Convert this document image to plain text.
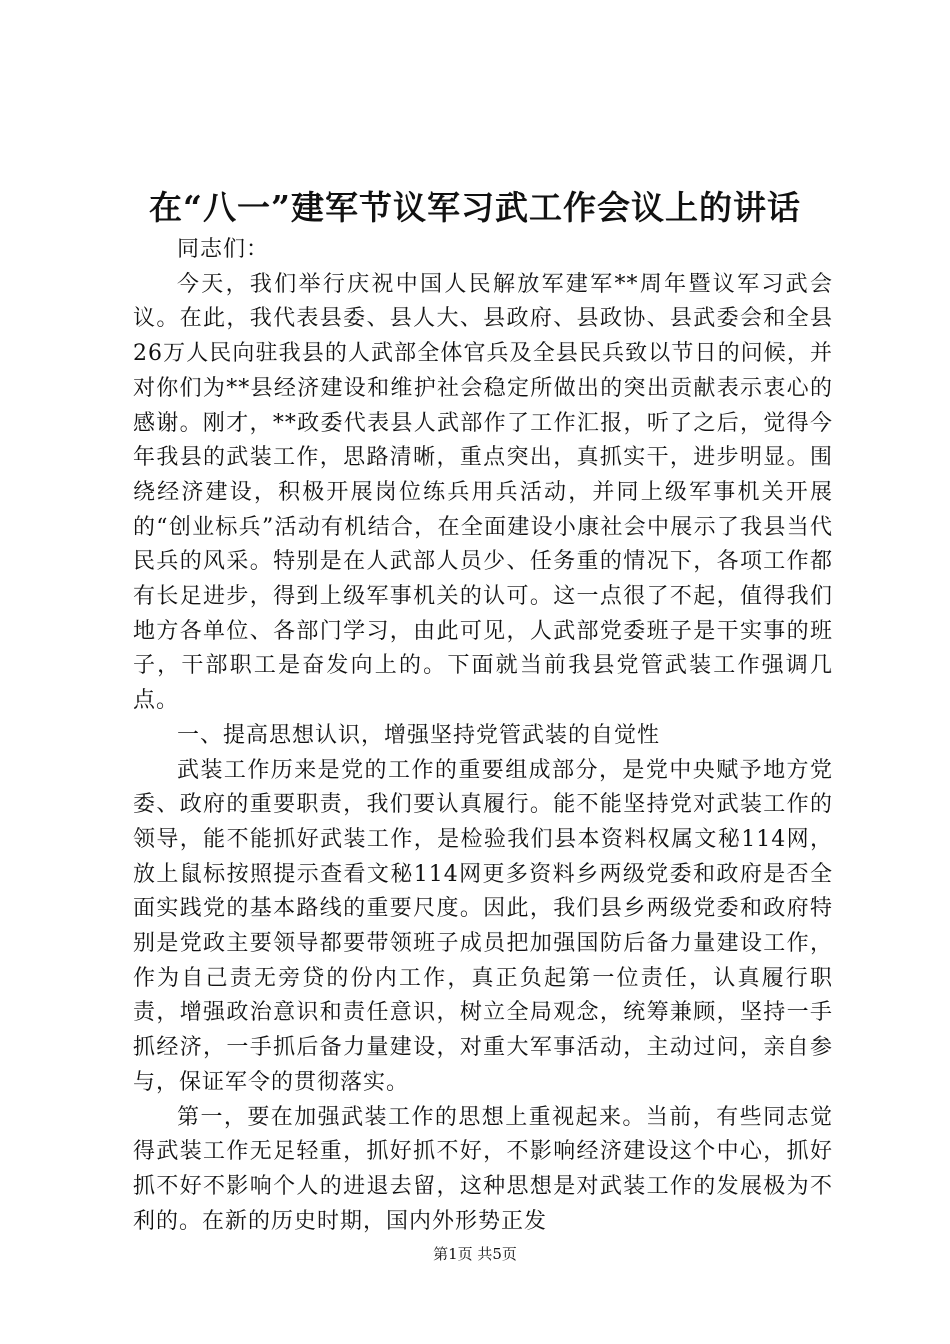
在“八一”建军节议军习武工作会议上的讲话

同志们：

今天，我们举行庆祝中国人民解放军建军**周年暨议军习武会议。在此，我代表县委、县人大、县政府、县政协、县武委会和全县26万人民向驻我县的人武部全体官兵及全县民兵致以节日的问候，并对你们为**县经济建设和维护社会稳定所做出的突出贡献表示衷心的感谢。刚才，**政委代表县人武部作了工作汇报，听了之后，觉得今年我县的武装工作，思路清晰，重点突出，真抓实干，进步明显。围绕经济建设，积极开展岗位练兵用兵活动，并同上级军事机关开展的“创业标兵”活动有机结合，在全面建设小康社会中展示了我县当代民兵的风采。特别是在人武部人员少、任务重的情况下，各项工作都有长足进步，得到上级军事机关的认可。这一点很了不起，值得我们地方各单位、各部门学习，由此可见，人武部党委班子是干实事的班子，干部职工是奋发向上的。下面就当前我县党管武装工作强调几点。

一、提高思想认识，增强坚持党管武装的自觉性

武装工作历来是党的工作的重要组成部分，是党中央赋予地方党委、政府的重要职责，我们要认真履行。能不能坚持党对武装工作的领导，能不能抓好武装工作，是检验我们县本资料权属文秘114网，放上鼠标按照提示查看文秘114网更多资料乡两级党委和政府是否全面实践党的基本路线的重要尺度。因此，我们县乡两级党委和政府特别是党政主要领导都要带领班子成员把加强国防后备力量建设工作，作为自己责无旁贷的份内工作，真正负起第一位责任，认真履行职责，增强政治意识和责任意识，树立全局观念，统筹兼顾，坚持一手抓经济，一手抓后备力量建设，对重大军事活动，主动过问，亲自参与，保证军令的贯彻落实。

第一，要在加强武装工作的思想上重视起来。当前，有些同志觉得武装工作无足轻重，抓好抓不好，不影响经济建设这个中心，抓好抓不好不影响个人的进退去留，这种思想是对武装工作的发展极为不利的。在新的历史时期，国内外形势正发

第1页 共5页
